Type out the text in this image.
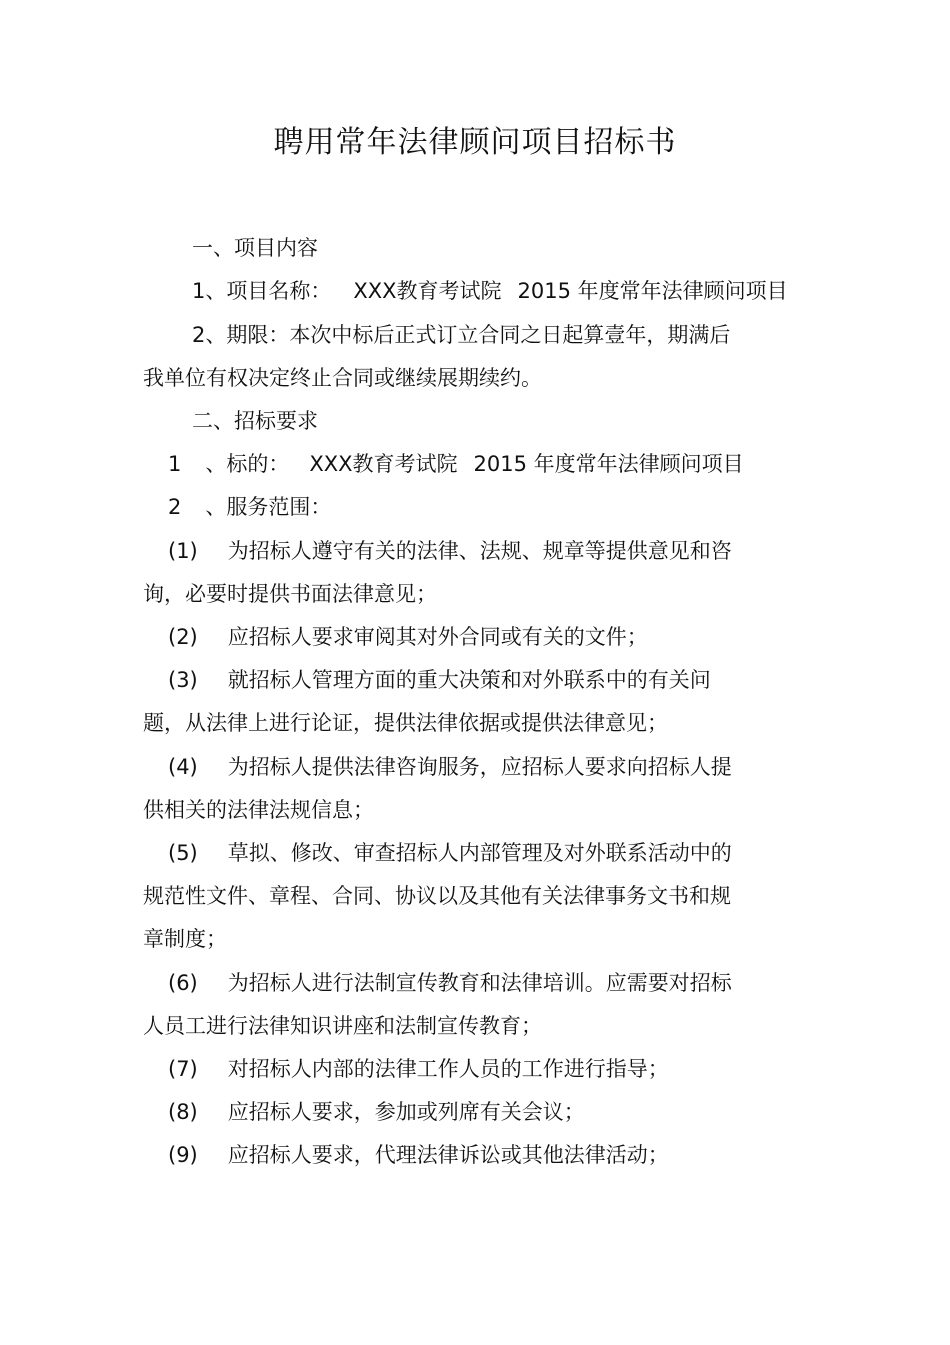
聘用常年法律顾问项目招标书
一、项目内容
1、项目名称： XXX教育考试院 2015 年度常年法律顾问项目
2、期限：本次中标后正式订立合同之日起算壹年，期满后
我单位有权决定终止合同或继续展期续约。
二、招标要求
1 、标的： XXX教育考试院 2015 年度常年法律顾问项目
2 、服务范围：
(1) 为招标人遵守有关的法律、法规、规章等提供意见和咨
询，必要时提供书面法律意见；
(2) 应招标人要求审阅其对外合同或有关的文件；
(3) 就招标人管理方面的重大决策和对外联系中的有关问
题，从法律上进行论证，提供法律依据或提供法律意见；
(4) 为招标人提供法律咨询服务，应招标人要求向招标人提
供相关的法律法规信息；
(5) 草拟、修改、审查招标人内部管理及对外联系活动中的
规范性文件、章程、合同、协议以及其他有关法律事务文书和规
章制度；
(6) 为招标人进行法制宣传教育和法律培训。应需要对招标
人员工进行法律知识讲座和法制宣传教育；
(7) 对招标人内部的法律工作人员的工作进行指导；
(8) 应招标人要求，参加或列席有关会议；
(9) 应招标人要求，代理法律诉讼或其他法律活动；
